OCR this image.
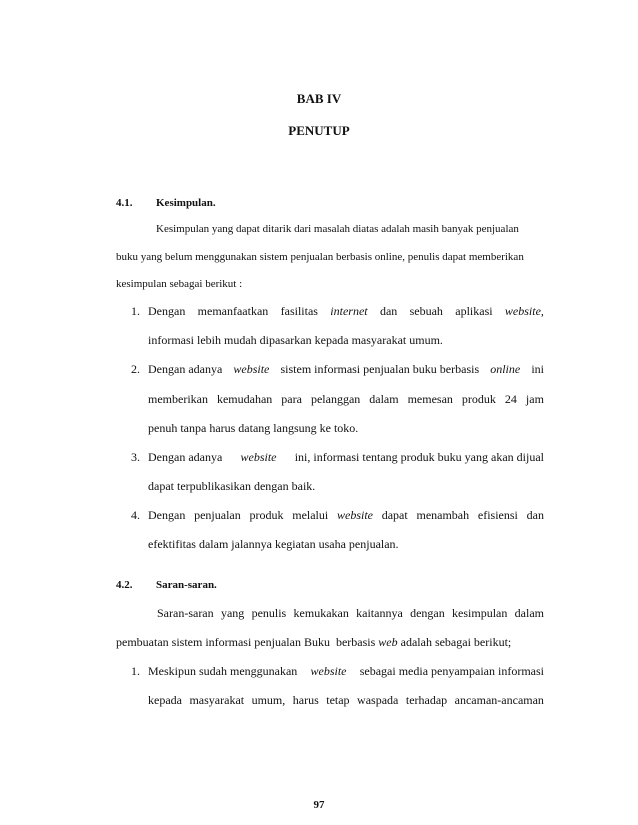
BAB IV
PENUTUP
4.1. Kesimpulan.
Kesimpulan yang dapat ditarik dari masalah diatas adalah masih banyak penjualan
buku yang belum menggunakan sistem penjualan berbasis online, penulis dapat memberikan
kesimpulan sebagai berikut :
1. Dengan memanfaatkan fasilitas internet dan sebuah aplikasi website,
informasi lebih mudah dipasarkan kepada masyarakat umum.
2. Dengan adanya website sistem informasi penjualan buku berbasis online ini
memberikan kemudahan para pelanggan dalam memesan produk 24 jam
penuh tanpa harus datang langsung ke toko.
3. Dengan adanya website ini, informasi tentang produk buku yang akan dijual
dapat terpublikasikan dengan baik.
4. Dengan penjualan produk melalui website dapat menambah efisiensi dan
efektifitas dalam jalannya kegiatan usaha penjualan.
4.2. Saran-saran.
Saran-saran yang penulis kemukakan kaitannya dengan kesimpulan dalam
pembuatan sistem informasi penjualan Buku  berbasis web adalah sebagai berikut;
1. Meskipun sudah menggunakan website sebagai media penyampaian informasi
kepada masyarakat umum, harus tetap waspada terhadap ancaman-ancaman
97
